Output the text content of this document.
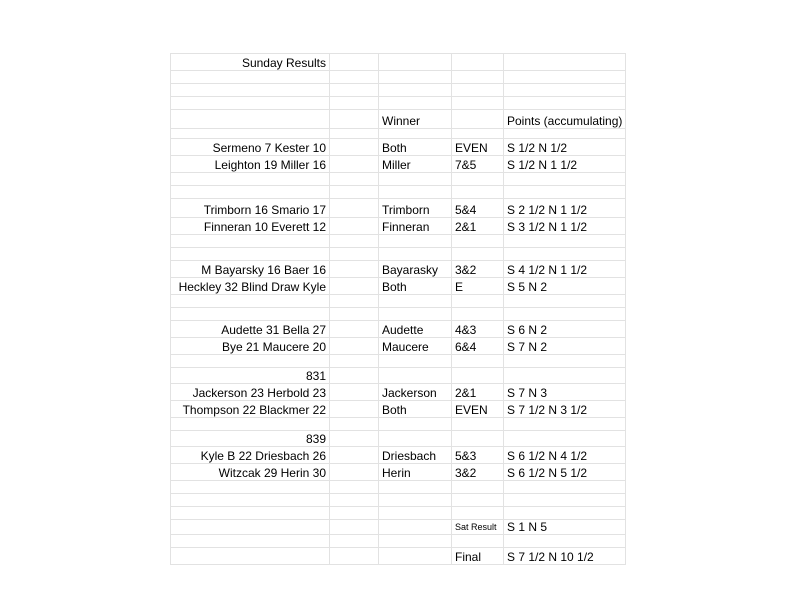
Sunday Results				

		Winner		Points (accumulating)

Sermeno 7 Kester 10		Both	EVEN	S 1/2 N 1/2
Leighton 19 Miller 16		Miller	7&5	S 1/2 N 1 1/2

Trimborn 16 Smario 17		Trimborn	5&4	S 2 1/2 N 1 1/2
Finneran 10 Everett 12		Finneran	2&1	S 3 1/2 N 1 1/2

M Bayarsky 16 Baer 16		Bayarasky	3&2	S 4 1/2 N 1 1/2
Heckley 32 Blind Draw Kyle		Both	E	S 5 N 2

Audette 31 Bella 27		Audette	4&3	S 6 N 2
Bye 21 Maucere 20		Maucere	6&4	S 7 N 2

831				
Jackerson 23 Herbold 23		Jackerson	2&1	S 7 N 3
Thompson 22 Blackmer 22		Both	EVEN	S 7 1/2 N 3 1/2

839				
Kyle B 22 Driesbach 26		Driesbach	5&3	S 6 1/2 N 4 1/2
Witzcak 29 Herin 30		Herin	3&2	S 6 1/2 N 5 1/2

			Sat Result	S 1 N 5

			Final	S 7 1/2 N 10 1/2
